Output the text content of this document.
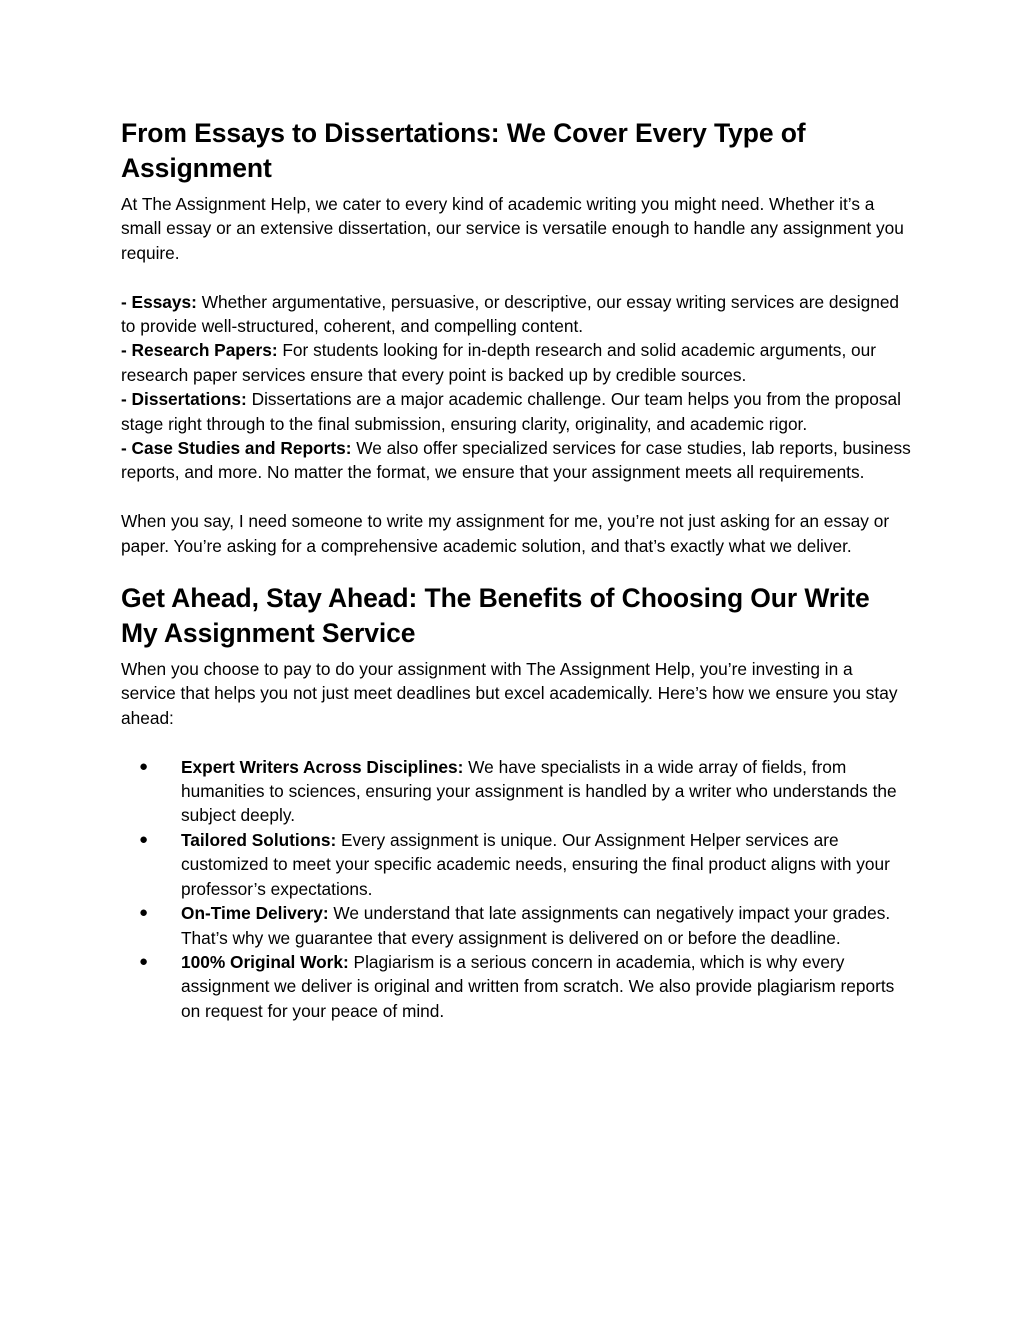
From Essays to Dissertations: We Cover Every Type of Assignment

At The Assignment Help, we cater to every kind of academic writing you might need. Whether it’s a small essay or an extensive dissertation, our service is versatile enough to handle any assignment you require.

- Essays: Whether argumentative, persuasive, or descriptive, our essay writing services are designed to provide well-structured, coherent, and compelling content.

- Research Papers: For students looking for in-depth research and solid academic arguments, our research paper services ensure that every point is backed up by credible sources.

- Dissertations: Dissertations are a major academic challenge. Our team helps you from the proposal stage right through to the final submission, ensuring clarity, originality, and academic rigor.

- Case Studies and Reports: We also offer specialized services for case studies, lab reports, business reports, and more. No matter the format, we ensure that your assignment meets all requirements.

When you say, I need someone to write my assignment for me, you’re not just asking for an essay or paper. You’re asking for a comprehensive academic solution, and that’s exactly what we deliver.

Get Ahead, Stay Ahead: The Benefits of Choosing Our Write My Assignment Service

When you choose to pay to do your assignment with The Assignment Help, you’re investing in a service that helps you not just meet deadlines but excel academically. Here’s how we ensure you stay ahead:

● Expert Writers Across Disciplines: We have specialists in a wide array of fields, from humanities to sciences, ensuring your assignment is handled by a writer who understands the subject deeply.
● Tailored Solutions: Every assignment is unique. Our Assignment Helper services are customized to meet your specific academic needs, ensuring the final product aligns with your professor’s expectations.
● On-Time Delivery: We understand that late assignments can negatively impact your grades. That’s why we guarantee that every assignment is delivered on or before the deadline.
● 100% Original Work: Plagiarism is a serious concern in academia, which is why every assignment we deliver is original and written from scratch. We also provide plagiarism reports on request for your peace of mind.
